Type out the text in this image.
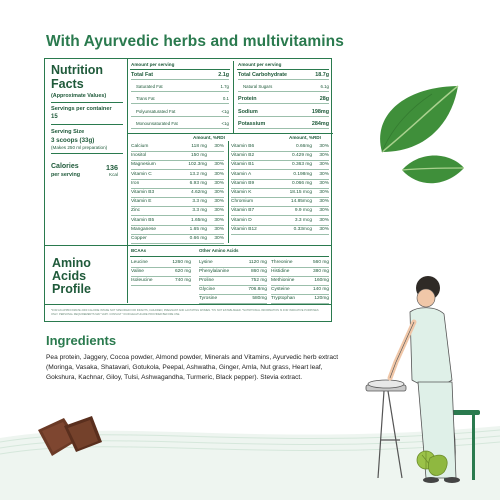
With Ayurvedic herbs and multivitamins
Nutrition
Facts
(Approximate Values)
Servings per container
15
Serving Size
3 scoops (33g)
(Makes 250 ml preparation)
Calories
per serving
136
Kcal
Amount per serving	Amount per serving
Amount, %RDI	Amount, %RDI
Amino
Acids
Profile
BCAAs	Other Amino Acids
*FOR AN APPROXIMATE 2000 CALORIE INTAKE NOT SPECIFIED FOR INFANTS, CHILDREN, PREGNANT AND LACTATING WOMEN. *DV NOT ESTABLISHED. *NUTRITIONAL INFORMATION IS FOR INDICATIVE PURPOSES ONLY. PERSONAL REQUIREMENTS MAY VARY. CONSULT YOUR HEALTHCARE PROVIDER BEFORE USE.
Total Fat	2.1g
Saturated Fat	1.7g
Trans Fat	0.1
Polyunsaturated Fat	<1g
Monounsaturated Fat	<1g
Total Carbohydrate	18.7g
Natural Sugars	6.1g
Protein	28g
Sodium	198mg
Potassium	284mg
Calcium	118 mg 30%
Inositol	150 mg
Magnesium	102.3mg 30%
Vitamin C	13.2 mg 30%
Iron	6.93 mg 30%
Vitamin B3	4.62mg 30%
Vitamin E	3.3 mg 30%
Zinc	3.3 mg 30%
Vitamin B5	1.65mg 30%
Manganese	1.65 mg 30%
Copper	0.66 mg 30%
Vitamin B6	0.66mg 30%
Vitamin B2	0.429 mg 30%
Vitamin B1	0.363 mg 30%
Vitamin A	0.198mg 30%
Vitamin B9	0.066 mg 30%
Vitamin K	18.15 mcg 30%
Chromium	14.85mcg 30%
Vitamin B7	9.9 mcg 30%
Vitamin D	3.3 mcg 30%
Vitamin B12	0.33mcg 30%
Leucine	1260 mg
Valine	620 mg
Isoleucine	740 mg
Lysine	1120 mg
Phenylalanine	860 mg
Proline	752 mg
Glycine	706.8mg
Tyrosine	580mg
Threonine	560 mg
Histidine	380 mg
Methionine	160mg
Cysteine	140 mg
Tryptophan	120mg
Ingredients
Pea protein, Jaggery, Cocoa powder, Almond powder, Minerals and Vitamins, Ayurvedic herb extract (Moringa, Vasaka, Shatavari, Gotukola, Peepal, Ashwatha, Ginger, Amla, Nut grass, Heart leaf, Gokshura, Kachnar, Giloy, Tulsi, Ashwagandha, Turmeric, Black pepper). Stevia extract.
